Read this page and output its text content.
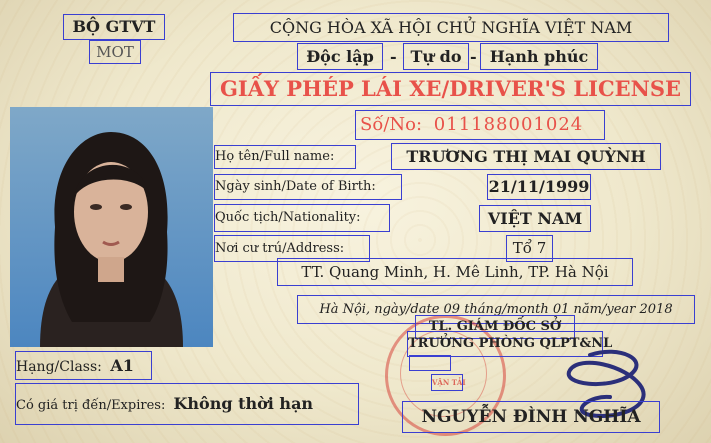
BỘ GTVT
MOT
CỘNG HÒA XÃ HỘI CHỦ NGHĨA VIỆT NAM
Độc lập	- Tự do - Hạnh phúc
GIẤY PHÉP LÁI XE/DRIVER'S LICENSE
Số/No: 011188001024
Họ tên/Full name:	TRƯƠNG THỊ MAI QUỲNH
Ngày sinh/Date of Birth:	21/11/1999
Quốc tịch/Nationality:	VIỆT NAM
Nơi cư trú/Address:	Tổ 7
TT. Quang Minh, H. Mê Linh, TP. Hà Nội
Hà Nội, ngày/date 09 tháng/month 01 năm/year 2018
TL. GIÁM ĐỐC SỞ
TRƯỞNG PHÒNG QLPT&NL
VẬN TẢI
NGUYỄN ĐÌNH NGHĨA
Hạng/Class: A1
Có giá trị đến/Expires: Không thời hạn
